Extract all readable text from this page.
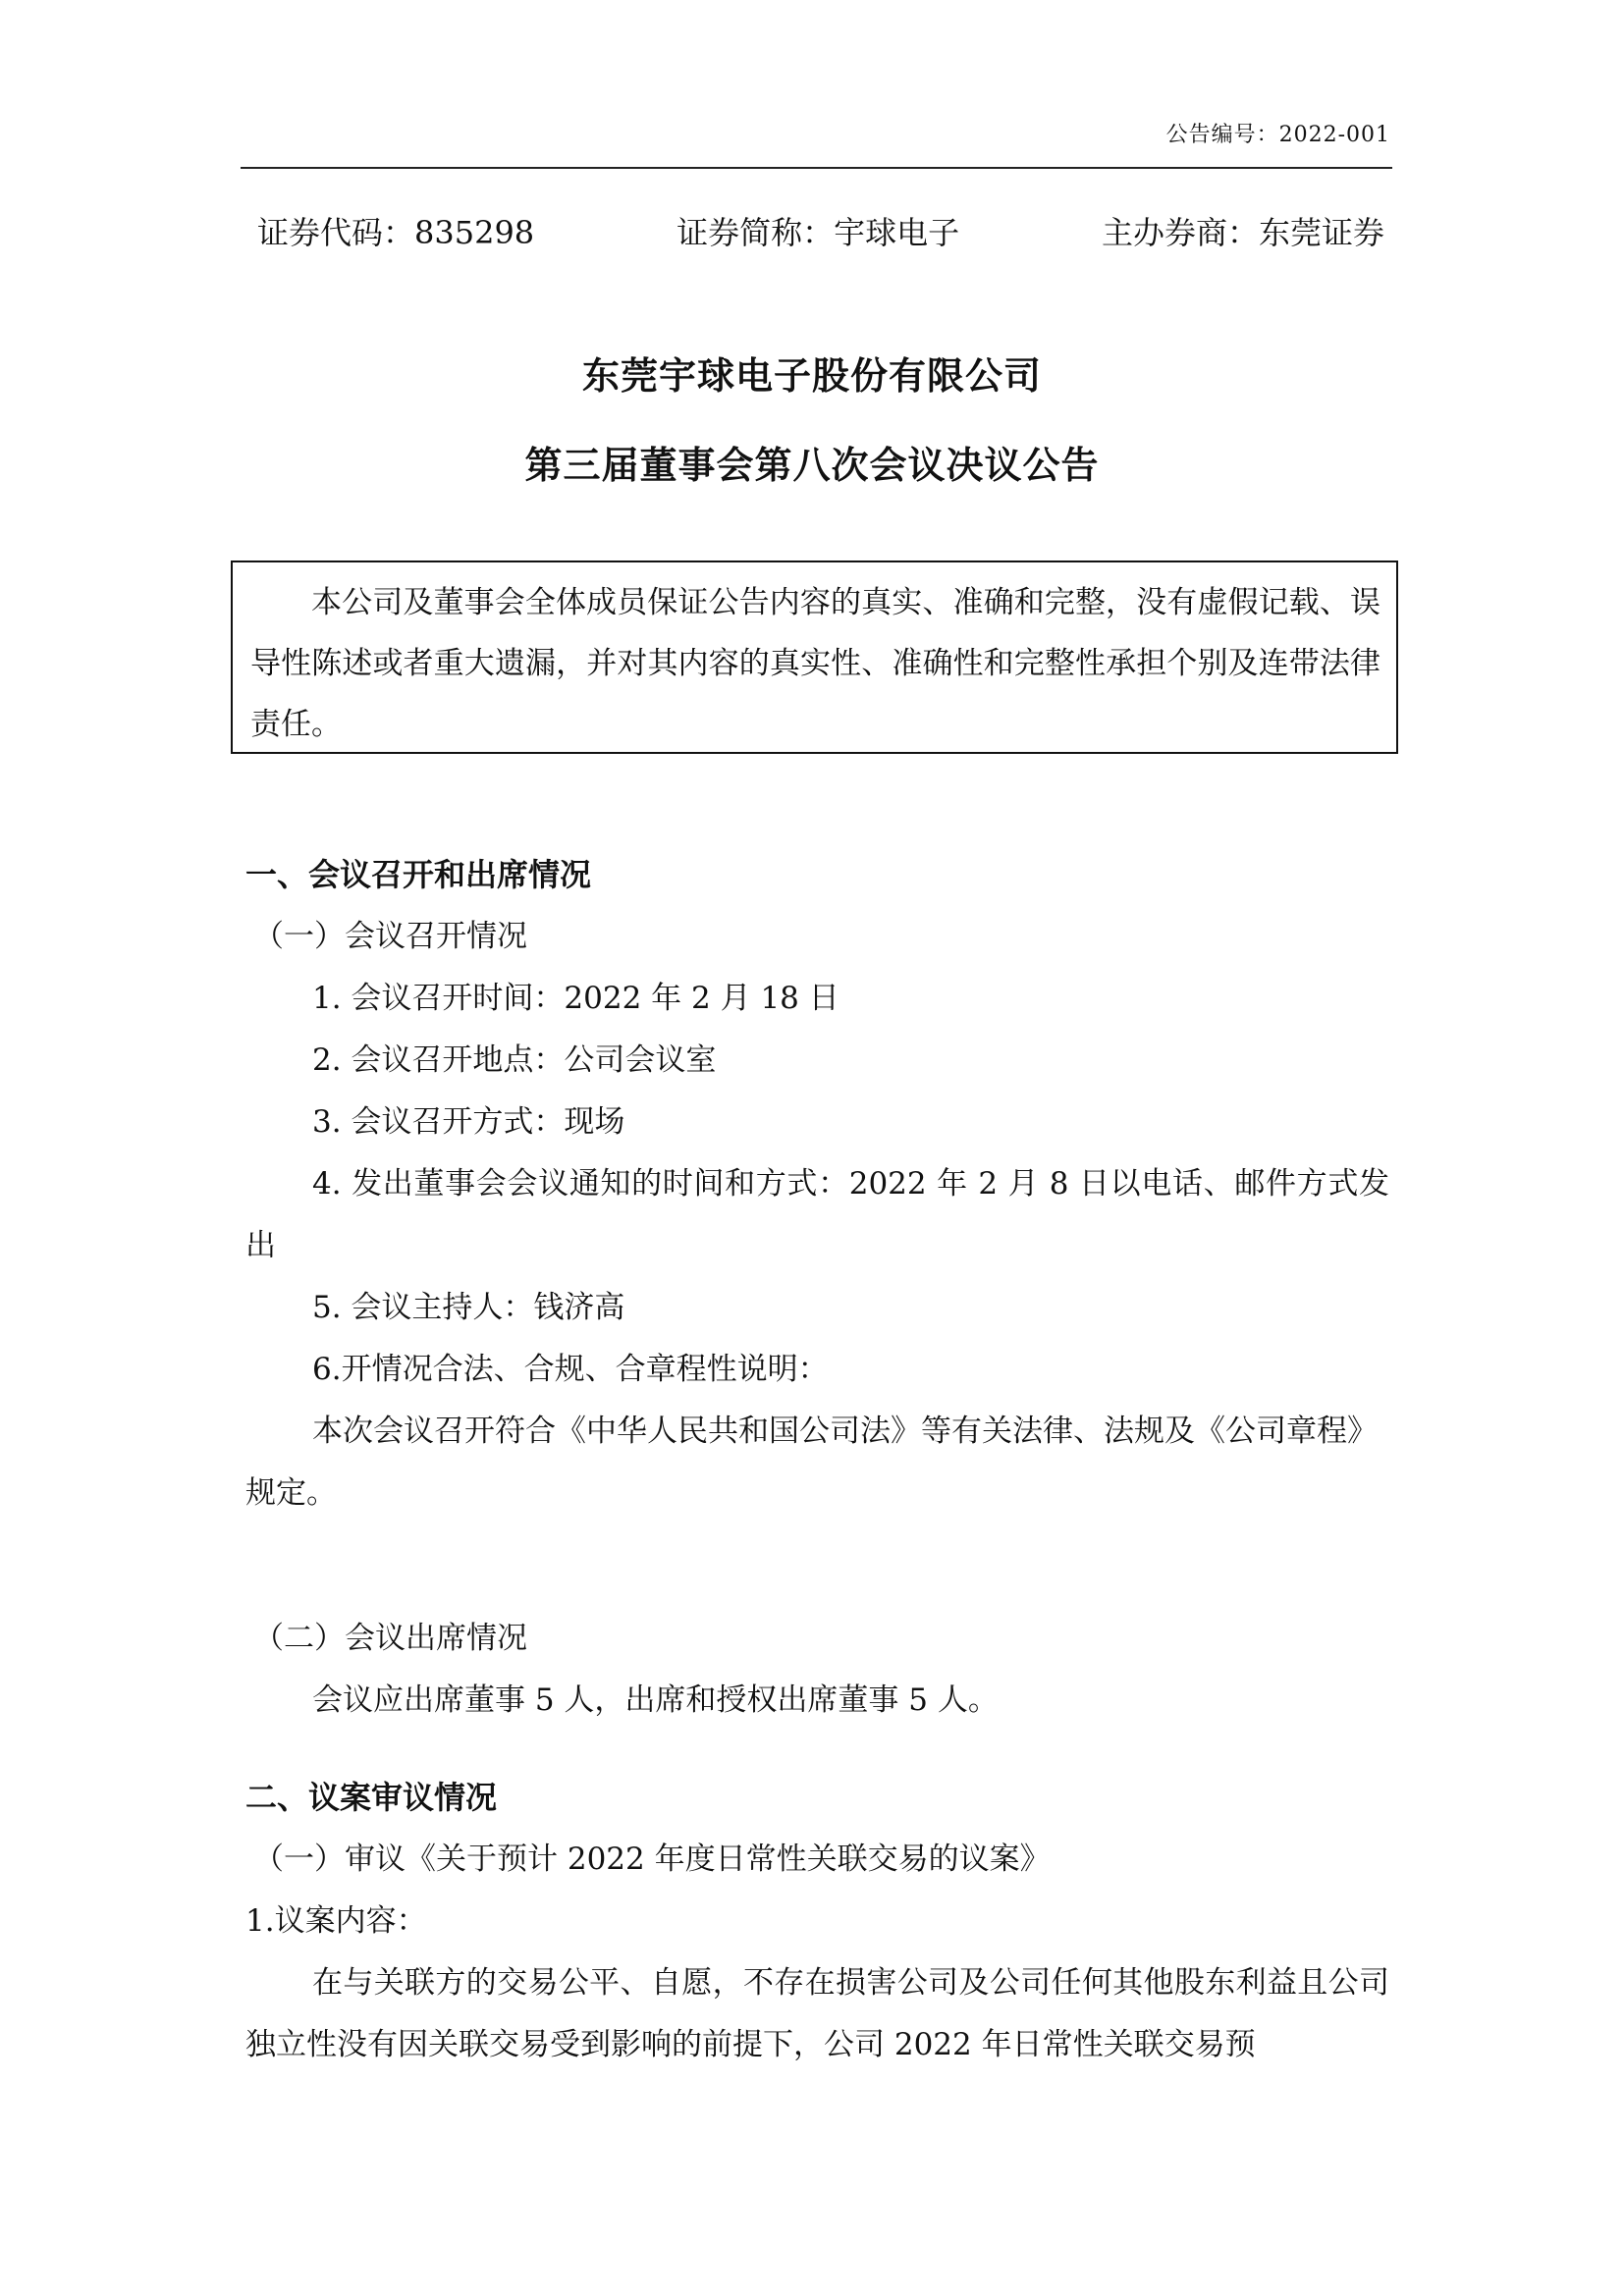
公告编号：2022-001
证券代码：835298	证券简称：宇球电子	主办券商：东莞证券
东莞宇球电子股份有限公司
第三届董事会第八次会议决议公告

本公司及董事会全体成员保证公告内容的真实、准确和完整，没有虚假记载、误导性陈述或者重大遗漏，并对其内容的真实性、准确性和完整性承担个别及连带法律责任。

一、会议召开和出席情况

（一）会议召开情况

1. 会议召开时间：2022 年 2 月 18 日

2. 会议召开地点：公司会议室

3. 会议召开方式：现场

4. 发出董事会会议通知的时间和方式：2022 年 2 月 8 日以电话、邮件方式发出

5. 会议主持人：钱济高

6.开情况合法、合规、合章程性说明：

本次会议召开符合《中华人民共和国公司法》等有关法律、法规及《公司章程》规定。

（二）会议出席情况

会议应出席董事 5 人，出席和授权出席董事 5 人。

二、议案审议情况

（一）审议《关于预计 2022 年度日常性关联交易的议案》

1.议案内容：

在与关联方的交易公平、自愿，不存在损害公司及公司任何其他股东利益且公司独立性没有因关联交易受到影响的前提下，公司 2022 年日常性关联交易预
